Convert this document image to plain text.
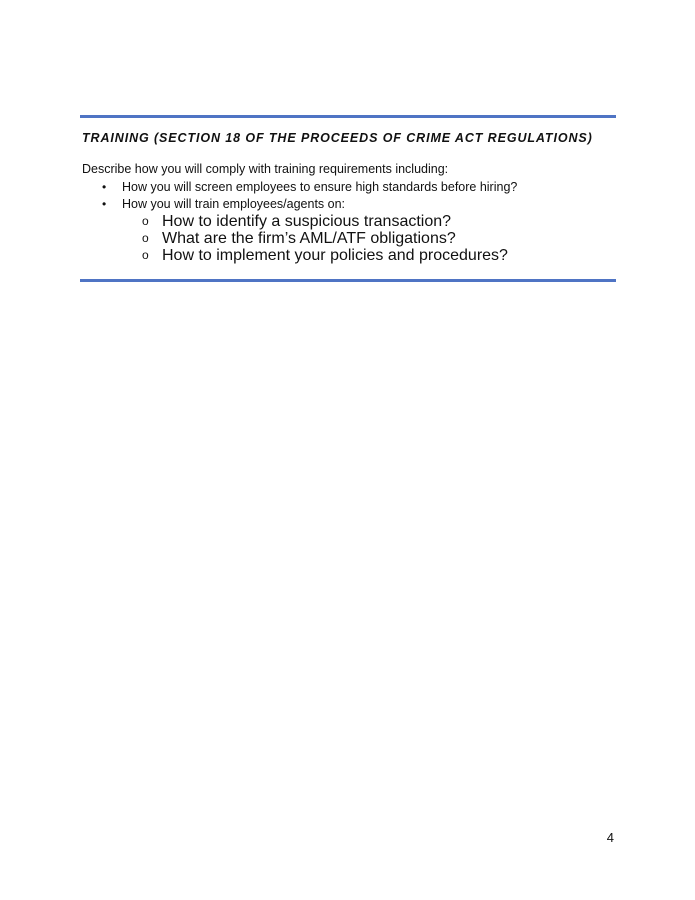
TRAINING (SECTION 18 OF THE PROCEEDS OF CRIME ACT REGULATIONS)

Describe how you will comply with training requirements including:

• How you will screen employees to ensure high standards before hiring?
• How you will train employees/agents on:
o How to identify a suspicious transaction?
o What are the firm’s AML/ATF obligations?
o How to implement your policies and procedures?

4
